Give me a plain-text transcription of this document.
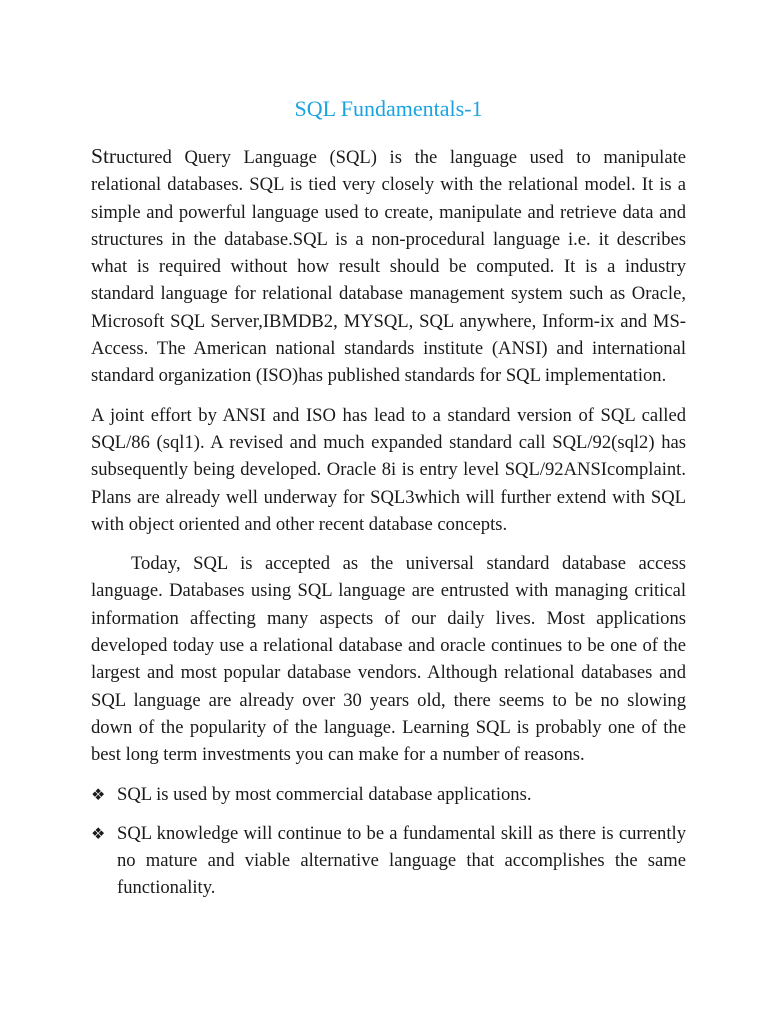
SQL Fundamentals-1

Structured Query Language (SQL) is the language used to manipulate relational databases. SQL is tied very closely with the relational model. It is a simple and powerful language used to create, manipulate and retrieve data and structures in the database.SQL is a non-procedural language i.e. it describes what is required without how result should be computed. It is a industry standard language for relational database management system such as Oracle, Microsoft SQL Server,IBMDB2, MYSQL, SQL anywhere, Inform-ix and MS-Access. The American national standards institute (ANSI) and international standard organization (ISO)has published standards for SQL implementation.

A joint effort by ANSI and ISO has lead to a standard version of SQL called SQL/86 (sql1). A revised and much expanded standard call SQL/92(sql2) has subsequently being developed. Oracle 8i is entry level SQL/92ANSIcomplaint. Plans are already well underway for SQL3which will further extend with SQL with object oriented and other recent database concepts.

Today, SQL is accepted as the universal standard database access language. Databases using SQL language are entrusted with managing critical information affecting many aspects of our daily lives. Most applications developed today use a relational database and oracle continues to be one of the largest and most popular database vendors. Although relational databases and SQL language are already over 30 years old, there seems to be no slowing down of the popularity of the language. Learning SQL is probably one of the best long term investments you can make for a number of reasons.

❖ SQL is used by most commercial database applications.
❖ SQL knowledge will continue to be a fundamental skill as there is currently no mature and viable alternative language that accomplishes the same functionality.
